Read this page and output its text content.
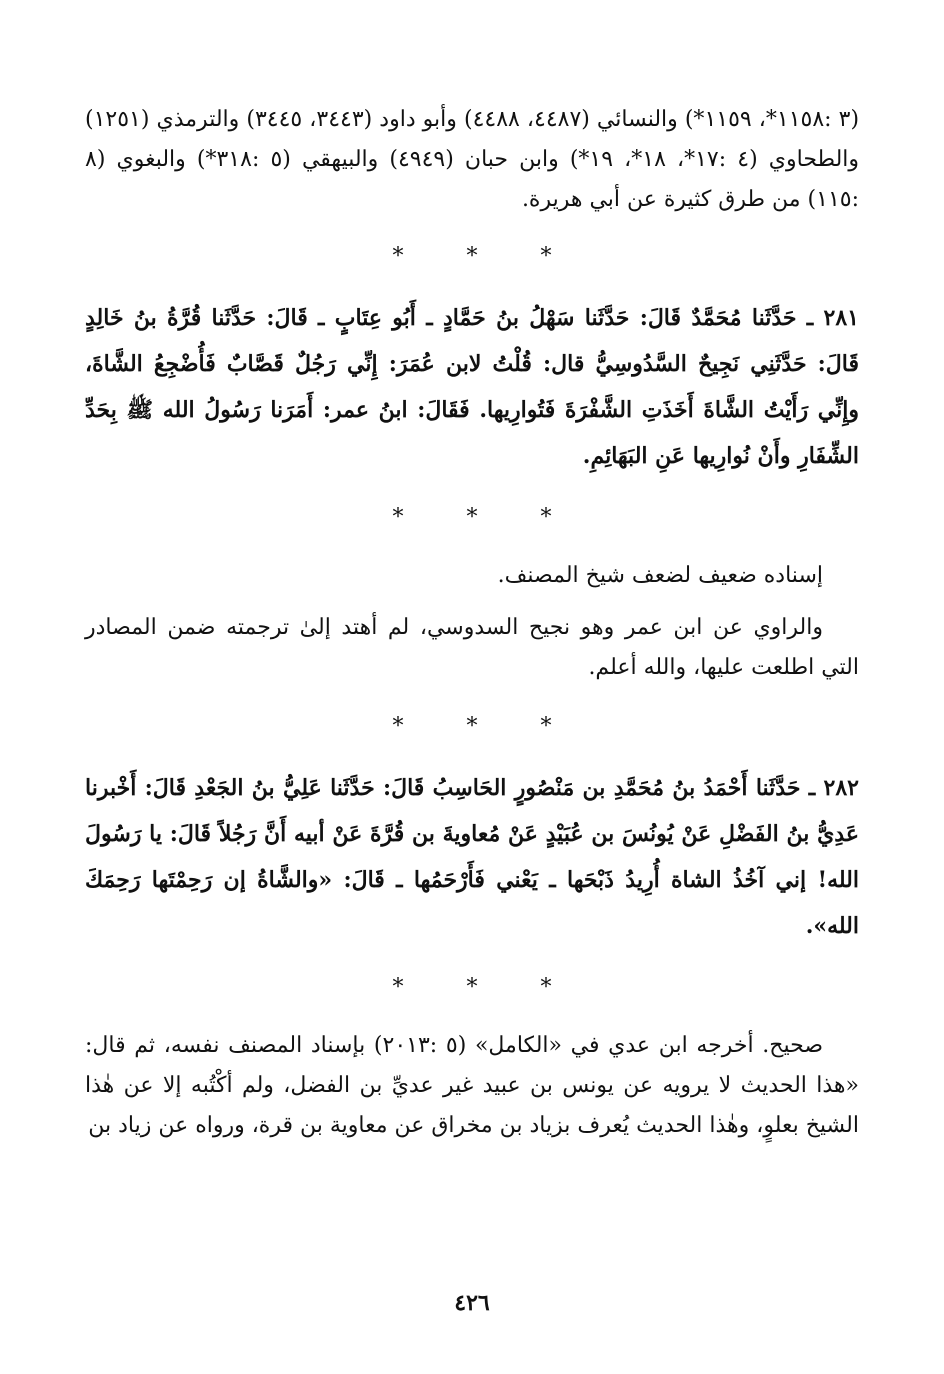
(٣ :١١٥٨*، ١١٥٩*) والنسائي (٤٤٨٧، ٤٤٨٨) وأبو داود (٣٤٤٣، ٣٤٤٥) والترمذي (١٢٥١) والطحاوي (٤ :١٧*، ١٨*، ١٩*) وابن حبان (٤٩٤٩) والبيهقي (٥ :٣١٨*) والبغوي (٨ :١١٥) من طرق كثيرة عن أبي هريرة.

* * *

٢٨١ ـ حَدَّثَنا مُحَمَّدٌ قَالَ: حَدَّثَنا سَهْلُ بنُ حَمَّادٍ ـ أَبُو عِتَابٍ ـ قَالَ: حَدَّثَنا قُرَّةُ بنُ خَالِدٍ قَالَ: حَدَّثَنِي نَجِيحٌ السَّدُوسِيُّ قال: قُلْتُ لابن عُمَرَ: إِنِّي رَجُلٌ قَصَّابٌ فَأُضْجِعُ الشَّاةَ، وإِنِّي رَأَيْتُ الشَّاةَ أَخَذَتِ الشَّفْرَةَ فَتُوارِيها. فَقَالَ: ابنُ عمر: أَمَرَنا رَسُولُ الله ﷺ بِحَدِّ الشِّفَارِ وأَنْ نُوارِيها عَنِ البَهَائِمِ.

* * *

إسناده ضعيف لضعف شيخ المصنف.

والراوي عن ابن عمر وهو نجيح السدوسي، لم أهتد إلىٰ ترجمته ضمن المصادر التي اطلعت عليها، والله أعلم.

* * *

٢٨٢ ـ حَدَّثَنا أَحْمَدُ بنُ مُحَمَّدِ بن مَنْصُورٍ الحَاسِبُ قَالَ: حَدَّثَنا عَلِيُّ بنُ الجَعْدِ قَالَ: أَخْبرنا عَدِيُّ بنُ الفَضْلِ عَنْ يُونُسَ بن عُبَيْدٍ عَنْ مُعاويةَ بن قُرَّةَ عَنْ أبيه أَنَّ رَجُلاً قَالَ: يا رَسُولَ الله! إني آخُذُ الشاة أُرِيدُ ذَبْحَها ـ يَعْني فَأَرْحَمُها ـ قَالَ: «والشَّاةُ إن رَحِمْتَها رَحِمَكَ الله».

* * *

صحيح. أخرجه ابن عدي في «الكامل» (٥ :٢٠١٣) بإسناد المصنف نفسه، ثم قال: «هذا الحديث لا يرويه عن يونس بن عبيد غير عديِّ بن الفضل، ولم أكْتُبه إلا عن هٰذا الشيخ بعلوٍ، وهٰذا الحديث يُعرف بزياد بن مخراق عن معاوية بن قرة، ورواه عن زياد بن

٤٢٦
